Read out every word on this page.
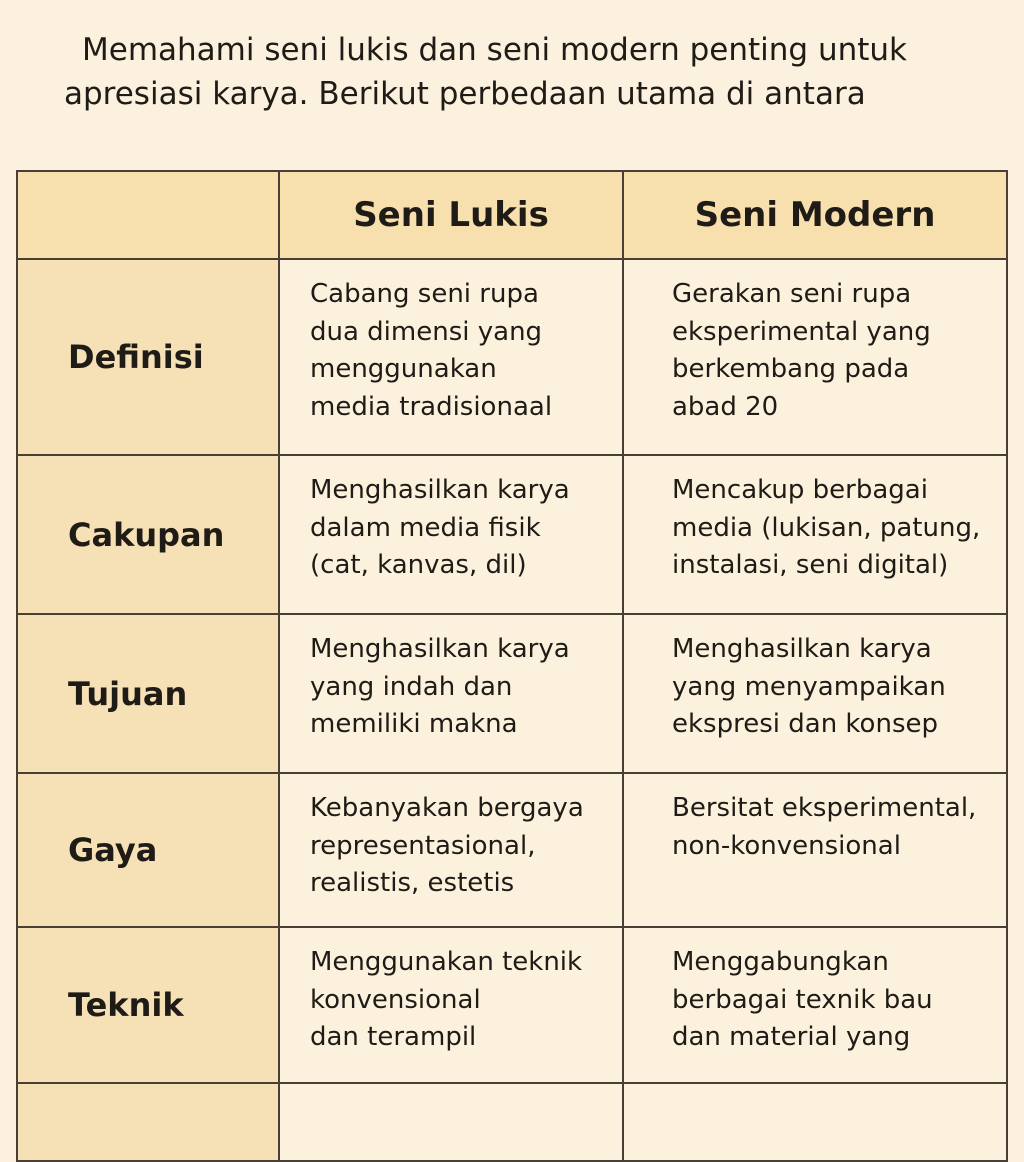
Memahami seni lukis dan seni modern penting untuk
apresiasi karya. Berikut perbedaan utama di antara
	Seni Lukis	Seni Modern
Definisi	Cabang seni rupa
dua dimensi yang
menggunakan
media tradisionaal	Gerakan seni rupa
eksperimental yang
berkembang pada
abad 20

Cakupan	Menghasilkan karya
dalam media fisik
(cat, kanvas, dil)	Mencakup berbagai
media (lukisan, patung,
instalasi, seni digital)

Tujuan	Menghasilkan karya
yang indah dan
memiliki makna	Menghasilkan karya
yang menyampaikan
ekspresi dan konsep

Gaya	Kebanyakan bergaya
representasional,
realistis, estetis	Bersitat eksperimental,
non-konvensional

Teknik	Menggunakan teknik
konvensional
dan terampil	Menggabungkan
berbagai texnik bau
dan material yang
